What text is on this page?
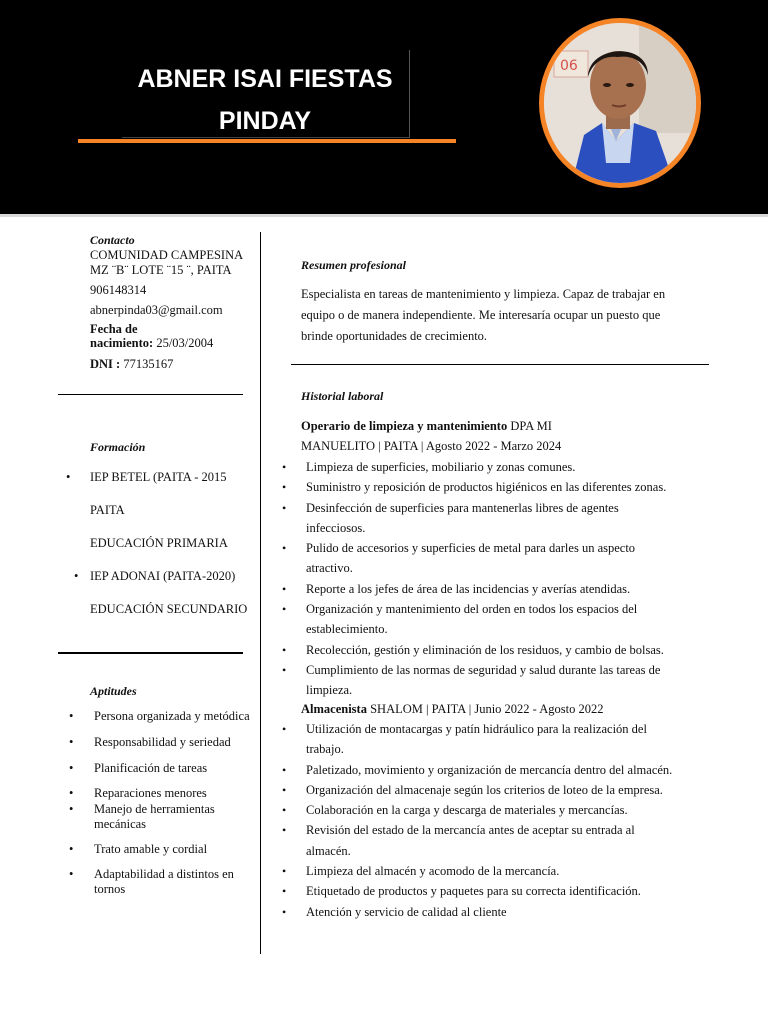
ABNER ISAI FIESTAS
PINDAY
06
Contacto
COMUNIDAD CAMPESINA
MZ ¨B¨ LOTE ¨15 ¨, PAITA
906148314
abnerpinda03@gmail.com
Fecha de
nacimiento: 25/03/2004
DNI : 77135167
Formación
• IEP BETEL (PAITA - 2015
PAITA
EDUCACIÓN PRIMARIA
• IEP ADONAI (PAITA-2020)
EDUCACIÓN SECUNDARIO
Aptitudes
• Persona organizada y metódica
• Responsabilidad y seriedad
• Planificación de tareas
• Reparaciones menores
• Manejo de herramientas mecánicas
• Trato amable y cordial
• Adaptabilidad a distintos en tornos
Resumen profesional
Especialista en tareas de mantenimiento y limpieza. Capaz de trabajar en
equipo o de manera independiente. Me interesaría ocupar un puesto que
brinde oportunidades de crecimiento.
Historial laboral
Operario de limpieza y mantenimiento DPA MI
MANUELITO | PAITA | Agosto 2022 - Marzo 2024
• Limpieza de superficies, mobiliario y zonas comunes.
• Suministro y reposición de productos higiénicos en las diferentes zonas.
• Desinfección de superficies para mantenerlas libres de agentes infecciosos.
• Pulido de accesorios y superficies de metal para darles un aspecto atractivo.
• Reporte a los jefes de área de las incidencias y averías atendidas.
• Organización y mantenimiento del orden en todos los espacios del establecimiento.
• Recolección, gestión y eliminación de los residuos, y cambio de bolsas.
• Cumplimiento de las normas de seguridad y salud durante las tareas de limpieza.
Almacenista SHALOM | PAITA | Junio 2022 - Agosto 2022
• Utilización de montacargas y patín hidráulico para la realización del trabajo.
• Paletizado, movimiento y organización de mercancía dentro del almacén.
• Organización del almacenaje según los criterios de loteo de la empresa.
• Colaboración en la carga y descarga de materiales y mercancías.
• Revisión del estado de la mercancía antes de aceptar su entrada al almacén.
• Limpieza del almacén y acomodo de la mercancía.
• Etiquetado de productos y paquetes para su correcta identificación.
• Atención y servicio de calidad al cliente
